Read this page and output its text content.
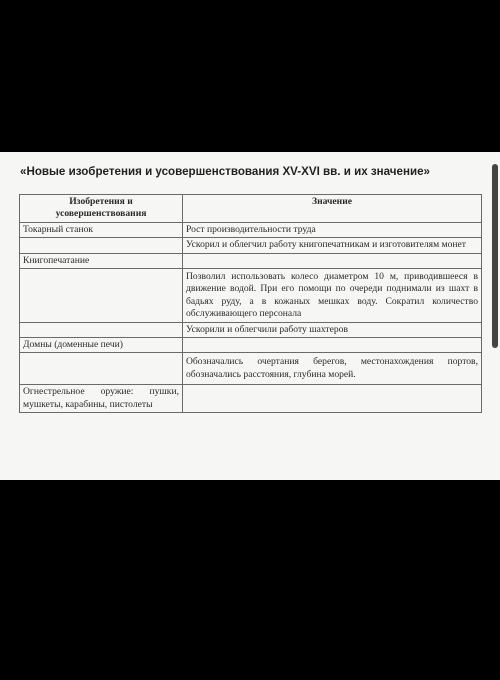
«Новые изобретения и усовершенствования XV-XVI вв. и их значение»
Изобретения и усовершенствования	Значение
Токарный станок	Рост производительности труда
	Ускорил и облегчил работу книгопечатникам и изготовителям монет
Книгопечатание	
	Позволил использовать колесо диаметром 10 м, приводившееся в движение водой. При его помощи по очереди поднимали из шахт в бадьях руду, а в кожаных мешках воду. Сократил количество обслуживающего персонала
	Ускорили и облегчили работу шахтеров
Домны (доменные печи)	
	Обозначались очертания берегов, местонахождения портов, обозначались расстояния, глубина морей.
Огнестрельное оружие: пушки, мушкеты, карабины, пистолеты	
